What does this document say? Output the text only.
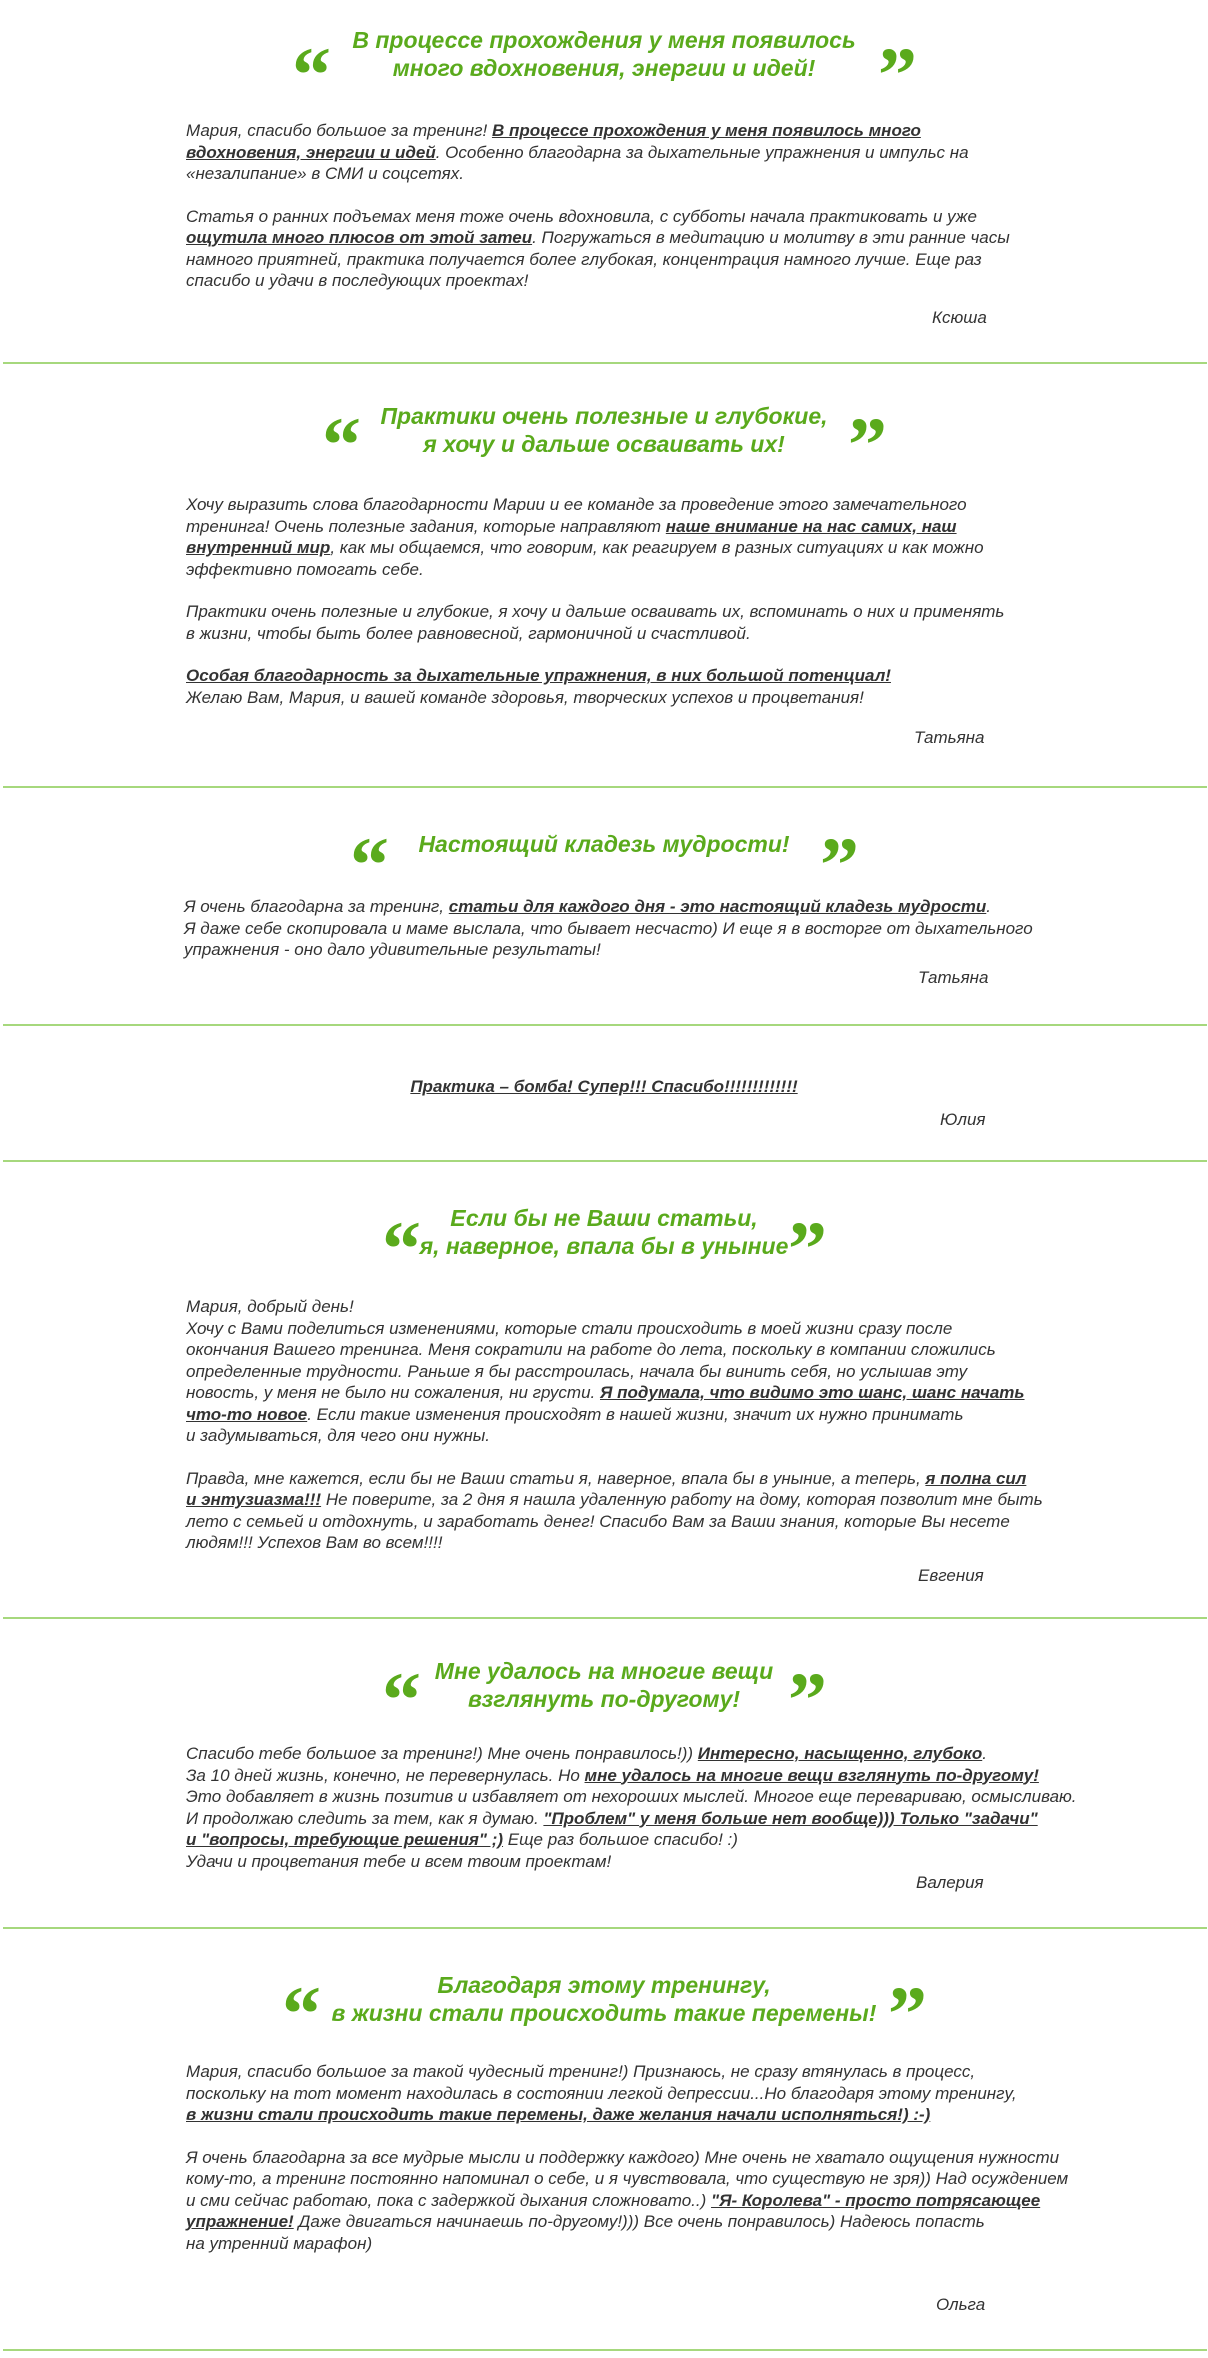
“	”
В процессе прохождения у меня появилось
много вдохновения, энергии и идей!

Мария, спасибо большое за тренинг! В процессе прохождения у меня появилось много
вдохновения, энергии и идей. Особенно благодарна за дыхательные упражнения и импульс на
«незалипание» в СМИ и соцсетях.

Статья о ранних подъемах меня тоже очень вдохновила, с субботы начала практиковать и уже
ощутила много плюсов от этой затеи. Погружаться в медитацию и молитву в эти ранние часы
намного приятней, практика получается более глубокая, концентрация намного лучше. Еще раз
спасибо и удачи в последующих проектах!

Ксюша
“	”
Практики очень полезные и глубокие,
я хочу и дальше осваивать их!

Хочу выразить слова благодарности Марии и ее команде за проведение этого замечательного
тренинга! Очень полезные задания, которые направляют наше внимание на нас самих, наш
внутренний мир, как мы общаемся, что говорим, как реагируем в разных ситуациях и как можно
эффективно помогать себе.

Практики очень полезные и глубокие, я хочу и дальше осваивать их, вспоминать о них и применять
в жизни, чтобы быть более равновесной, гармоничной и счастливой.

Особая благодарность за дыхательные упражнения, в них большой потенциал!
Желаю Вам, Мария, и вашей команде здоровья, творческих успехов и процветания!

Татьяна
“	”
Настоящий кладезь мудрости!

Я очень благодарна за тренинг, статьи для каждого дня - это настоящий кладезь мудрости.
Я даже себе скопировала и маме выслала, что бывает несчасто) И еще я в восторге от дыхательного
упражнения - оно дало удивительные результаты!

Татьяна

Практика – бомба! Супер!!! Спасибо!!!!!!!!!!!!!

Юлия
“	”
Если бы не Ваши статьи,
я, наверное, впала бы в уныние

Мария, добрый день!
Хочу с Вами поделиться изменениями, которые стали происходить в моей жизни сразу после
окончания Вашего тренинга. Меня сократили на работе до лета, поскольку в компании сложились
определенные трудности. Раньше я бы расстроилась, начала бы винить себя, но услышав эту
новость, у меня не было ни сожаления, ни грусти. Я подумала, что видимо это шанс, шанс начать
что-то новое. Если такие изменения происходят в нашей жизни, значит их нужно принимать
и задумываться, для чего они нужны.

Правда, мне кажется, если бы не Ваши статьи я, наверное, впала бы в уныние, а теперь, я полна сил
и энтузиазма!!! Не поверите, за 2 дня я нашла удаленную работу на дому, которая позволит мне быть
лето с семьей и отдохнуть, и заработать денег! Спасибо Вам за Ваши знания, которые Вы несете
людям!!! Успехов Вам во всем!!!!

Евгения
“	”
Мне удалось на многие вещи
взглянуть по-другому!

Спасибо тебе большое за тренинг!) Мне очень понравилось!)) Интересно, насыщенно, глубоко.
За 10 дней жизнь, конечно, не перевернулась. Но мне удалось на многие вещи взглянуть по-другому!
Это добавляет в жизнь позитив и избавляет от нехороших мыслей. Многое еще перевариваю, осмысливаю.
И продолжаю следить за тем, как я думаю. "Проблем" у меня больше нет вообще))) Только "задачи"
и "вопросы, требующие решения" ;) Еще раз большое спасибо! :)
Удачи и процветания тебе и всем твоим проектам!

Валерия
“	”
Благодаря этому тренингу,
в жизни стали происходить такие перемены!

Мария, спасибо большое за такой чудесный тренинг!) Признаюсь, не сразу втянулась в процесс,
поскольку на тот момент находилась в состоянии легкой депрессии...Но благодаря этому тренингу,
в жизни стали происходить такие перемены, даже желания начали исполняться!) :-)

Я очень благодарна за все мудрые мысли и поддержку каждого) Мне очень не хватало ощущения нужности
кому-то, а тренинг постоянно напоминал о себе, и я чувствовала, что существую не зря)) Над осуждением
и сми сейчас работаю, пока с задержкой дыхания сложновато..) "Я- Королева" - просто потрясающее
упражнение! Даже двигаться начинаешь по-другому!))) Все очень понравилось) Надеюсь попасть
на утренний марафон)

Ольга
